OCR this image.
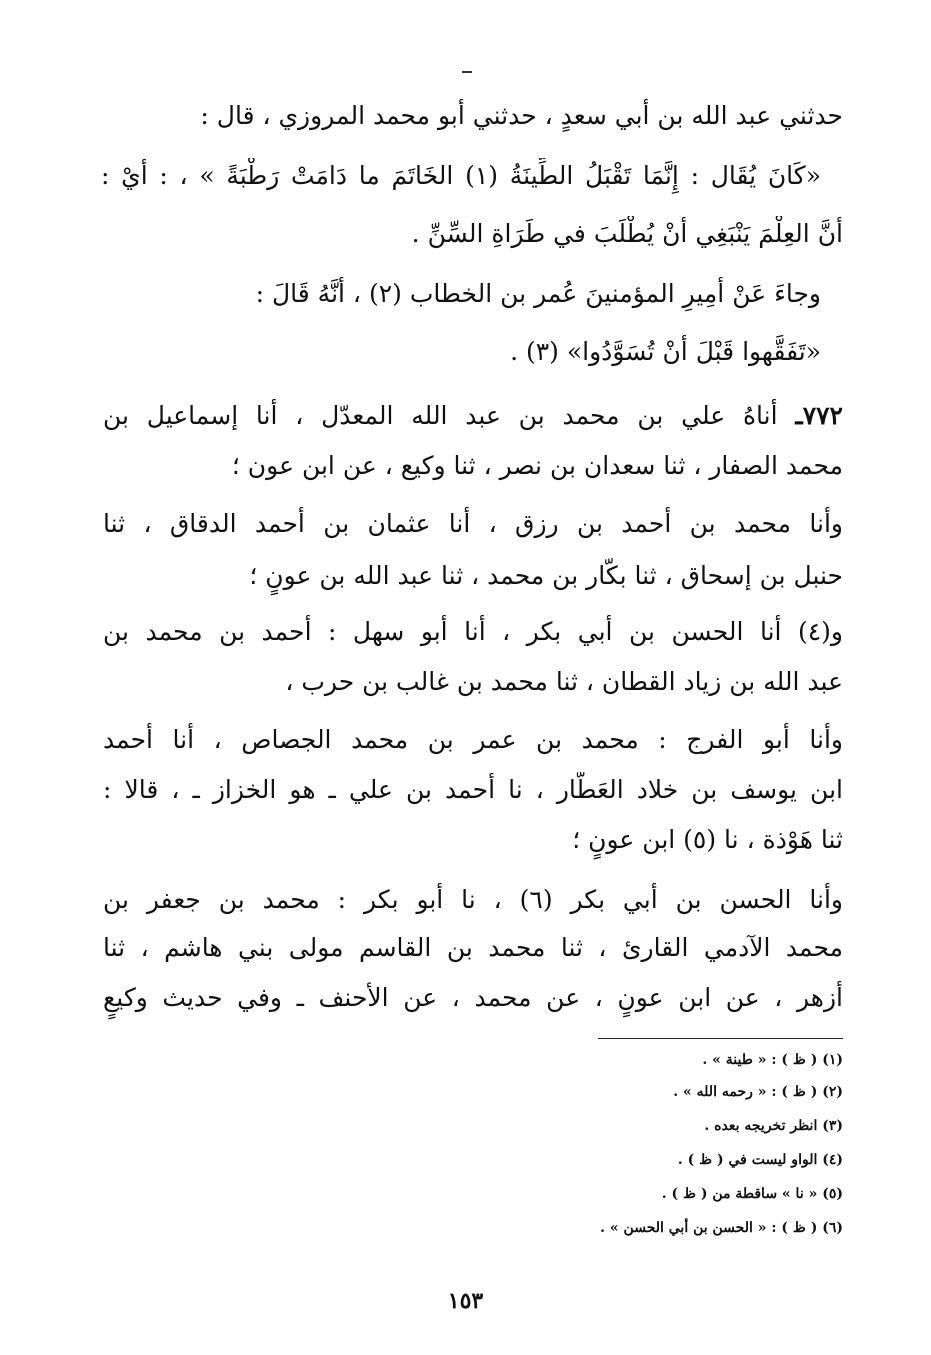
حدثني عبد الله بن أبي سعدٍ ، حدثني أبو محمد المروزي ، قال :
«كَانَ يُقَال : إِنَّمَا تَقْبَلُ الطِّينَةُ (١) الخَاتَمَ ما دَامَتْ رَطْبَةً » ، : أَيْ :
أَنَّ العِلْمَ يَنْبَغِي أَنْ يُطْلَبَ في طَرَاةِ السِّنِّ .
وجاءَ عَنْ أَمِيرِ المؤمنينَ عُمر بن الخطاب (٢) ، أَنَّهُ قَالَ :
«تَفَقَّهوا قَبْلَ أَنْ تُسَوَّدُوا» (٣) .
٧٧٢ـ أناهُ علي بن محمد بن عبد الله المعدّل ، أنا إسماعيل بن
محمد الصفار ، ثنا سعدان بن نصر ، ثنا وكيع ، عن ابن عون ؛
وأنا محمد بن أحمد بن رزق ، أنا عثمان بن أحمد الدقاق ، ثنا
حنبل بن إسحاق ، ثنا بكّار بن محمد ، ثنا عبد الله بن عونٍ ؛
و(٤) أنا الحسن بن أبي بكر ، أنا أبو سهل : أحمد بن محمد بن
عبد الله بن زياد القطان ، ثنا محمد بن غالب بن حرب ،
وأنا أبو الفرج : محمد بن عمر بن محمد الجصاص ، أنا أحمد
ابن يوسف بن خلاد العَطّار ، نا أحمد بن علي ـ هو الخزاز ـ ، قالا :
ثنا هَوْذة ، نا (٥) ابن عونٍ ؛
وأنا الحسن بن أبي بكر (٦) ، نا أبو بكر : محمد بن جعفر بن
محمد الآدمي القارئ ، ثنا محمد بن القاسم مولى بني هاشم ، ثنا
أزهر ، عن ابن عونٍ ، عن محمد ، عن الأحنف ـ وفي حديث وكيعٍ
(١) ( ظ ) : « طينة » .
(٢) ( ظ ) : « رحمه الله » .
(٣) انظر تخريجه بعده .
(٤) الواو ليست في ( ظ ) .
(٥) « نا » ساقطة من ( ظ ) .
(٦) ( ظ ) : « الحسن بن أبي الحسن » .
١٥٣
